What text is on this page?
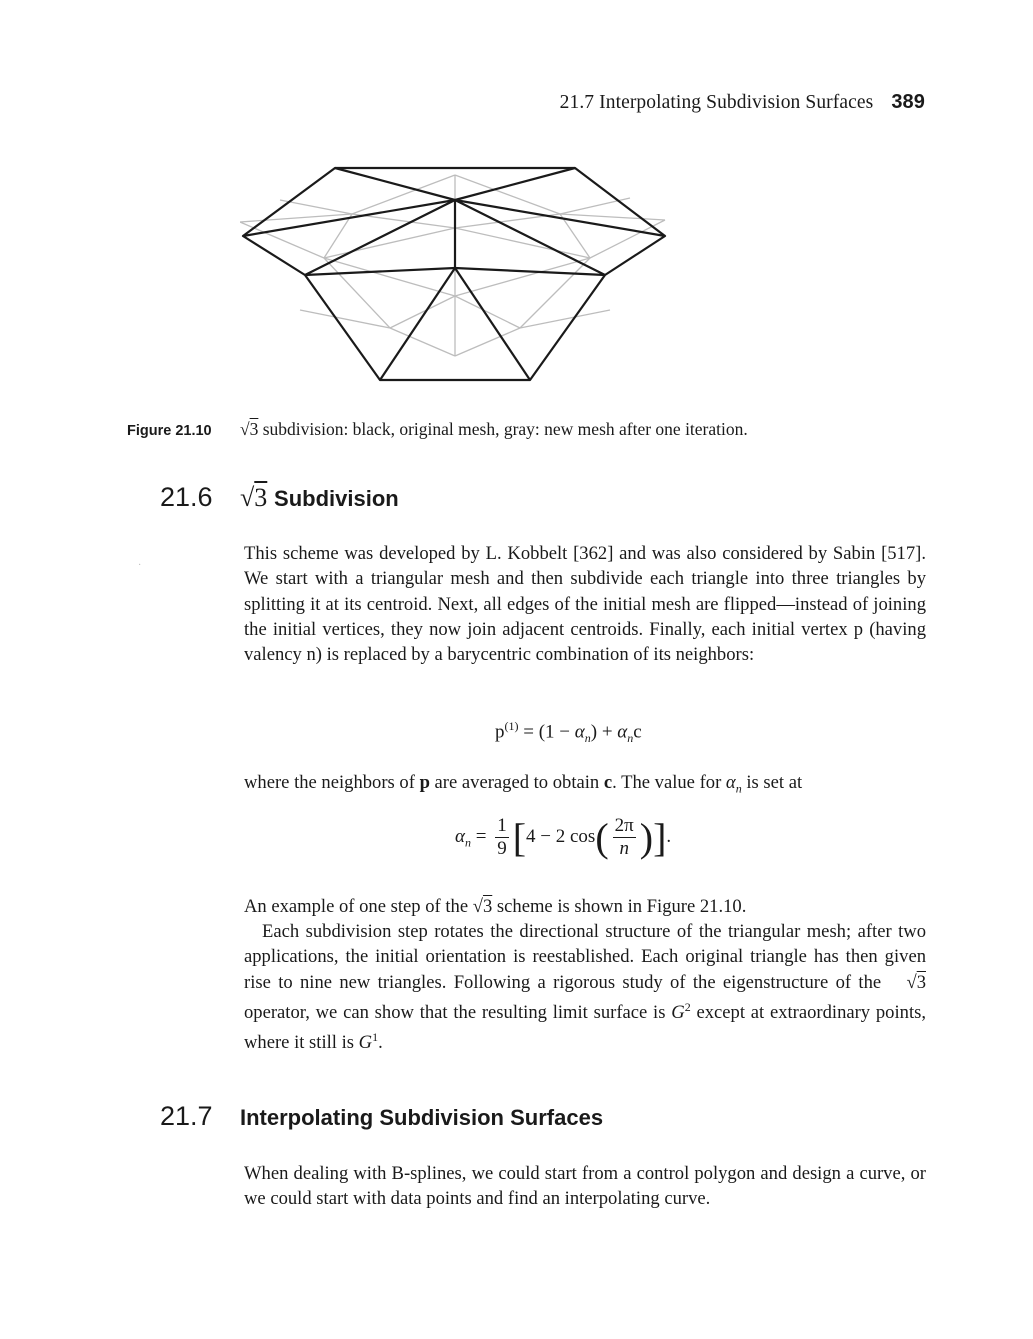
21.7 Interpolating Subdivision Surfaces 389
Figure 21.10 √3 subdivision: black, original mesh, gray: new mesh after one iteration.
21.6 √3 Subdivision
·
This scheme was developed by L. Kobbelt [362] and was also considered by Sabin [517]. We start with a triangular mesh and then subdivide each triangle into three triangles by splitting it at its centroid. Next, all edges of the initial mesh are flipped—instead of joining the initial vertices, they now join adjacent centroids. Finally, each initial vertex p (having valency n) is replaced by a barycentric combination of its neighbors:
$p^{(1)} = (1 - \alpha_n) + \alpha_nc$
where the neighbors of p are averaged to obtain c. The value for $\alpha_n$ is set at
$\alpha_n = \frac{1}{9} [4 - 2$ $\cos( \frac{2\pi}{n}$ )].
An example of one step of the √3 scheme is shown in Figure 21.10.
Each subdivision step rotates the directional structure of the triangular mesh; after two applications, the initial orientation is reestablished. Each original triangle has then given rise to nine new triangles. Following a rigorous study of the eigenstructure of the √3 operator, we can show that the resulting limit surface is $G^2$ except at extraordinary points, where it still is $G^1$.
21.7 Interpolating Subdivision Surfaces
When dealing with B-splines, we could start from a control polygon and design a curve, or we could start with data points and find an interpolating curve.
